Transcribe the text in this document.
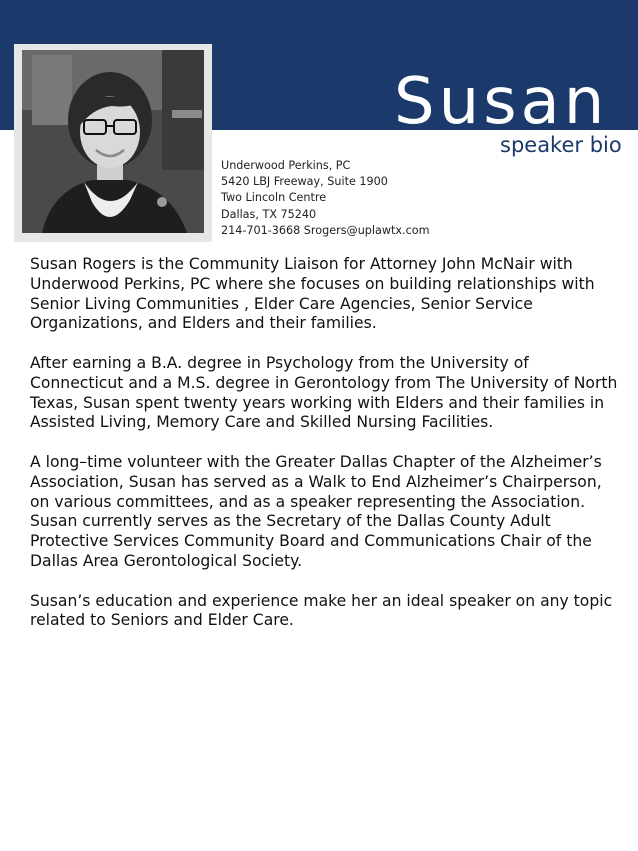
Susan
speaker bio
Underwood Perkins, PC
5420 LBJ Freeway, Suite 1900
Two Lincoln Centre
Dallas, TX 75240
214-701-3668 Srogers@uplawtx.com

Susan Rogers is the Community Liaison for Attorney John McNair with Underwood Perkins, PC where she focuses on building relationships with Senior Living Communities , Elder Care Agencies, Senior Service Organizations, and Elders and their families.

After earning a B.A. degree in Psychology from the University of Connecticut and a M.S. degree in Gerontology from The University of North Texas, Susan spent twenty years working with Elders and their families in Assisted Living, Memory Care and Skilled Nursing Facilities.

A long–time volunteer with the Greater Dallas Chapter of the Alzheimer’s Association, Susan has served as a Walk to End Alzheimer’s Chairperson, on various committees, and as a speaker representing the Association. Susan currently serves as the Secretary of the Dallas County Adult Protective Services Community Board and Communications Chair of the Dallas Area Gerontological Society.

Susan’s education and experience make her an ideal speaker on any topic related to Seniors and Elder Care.
